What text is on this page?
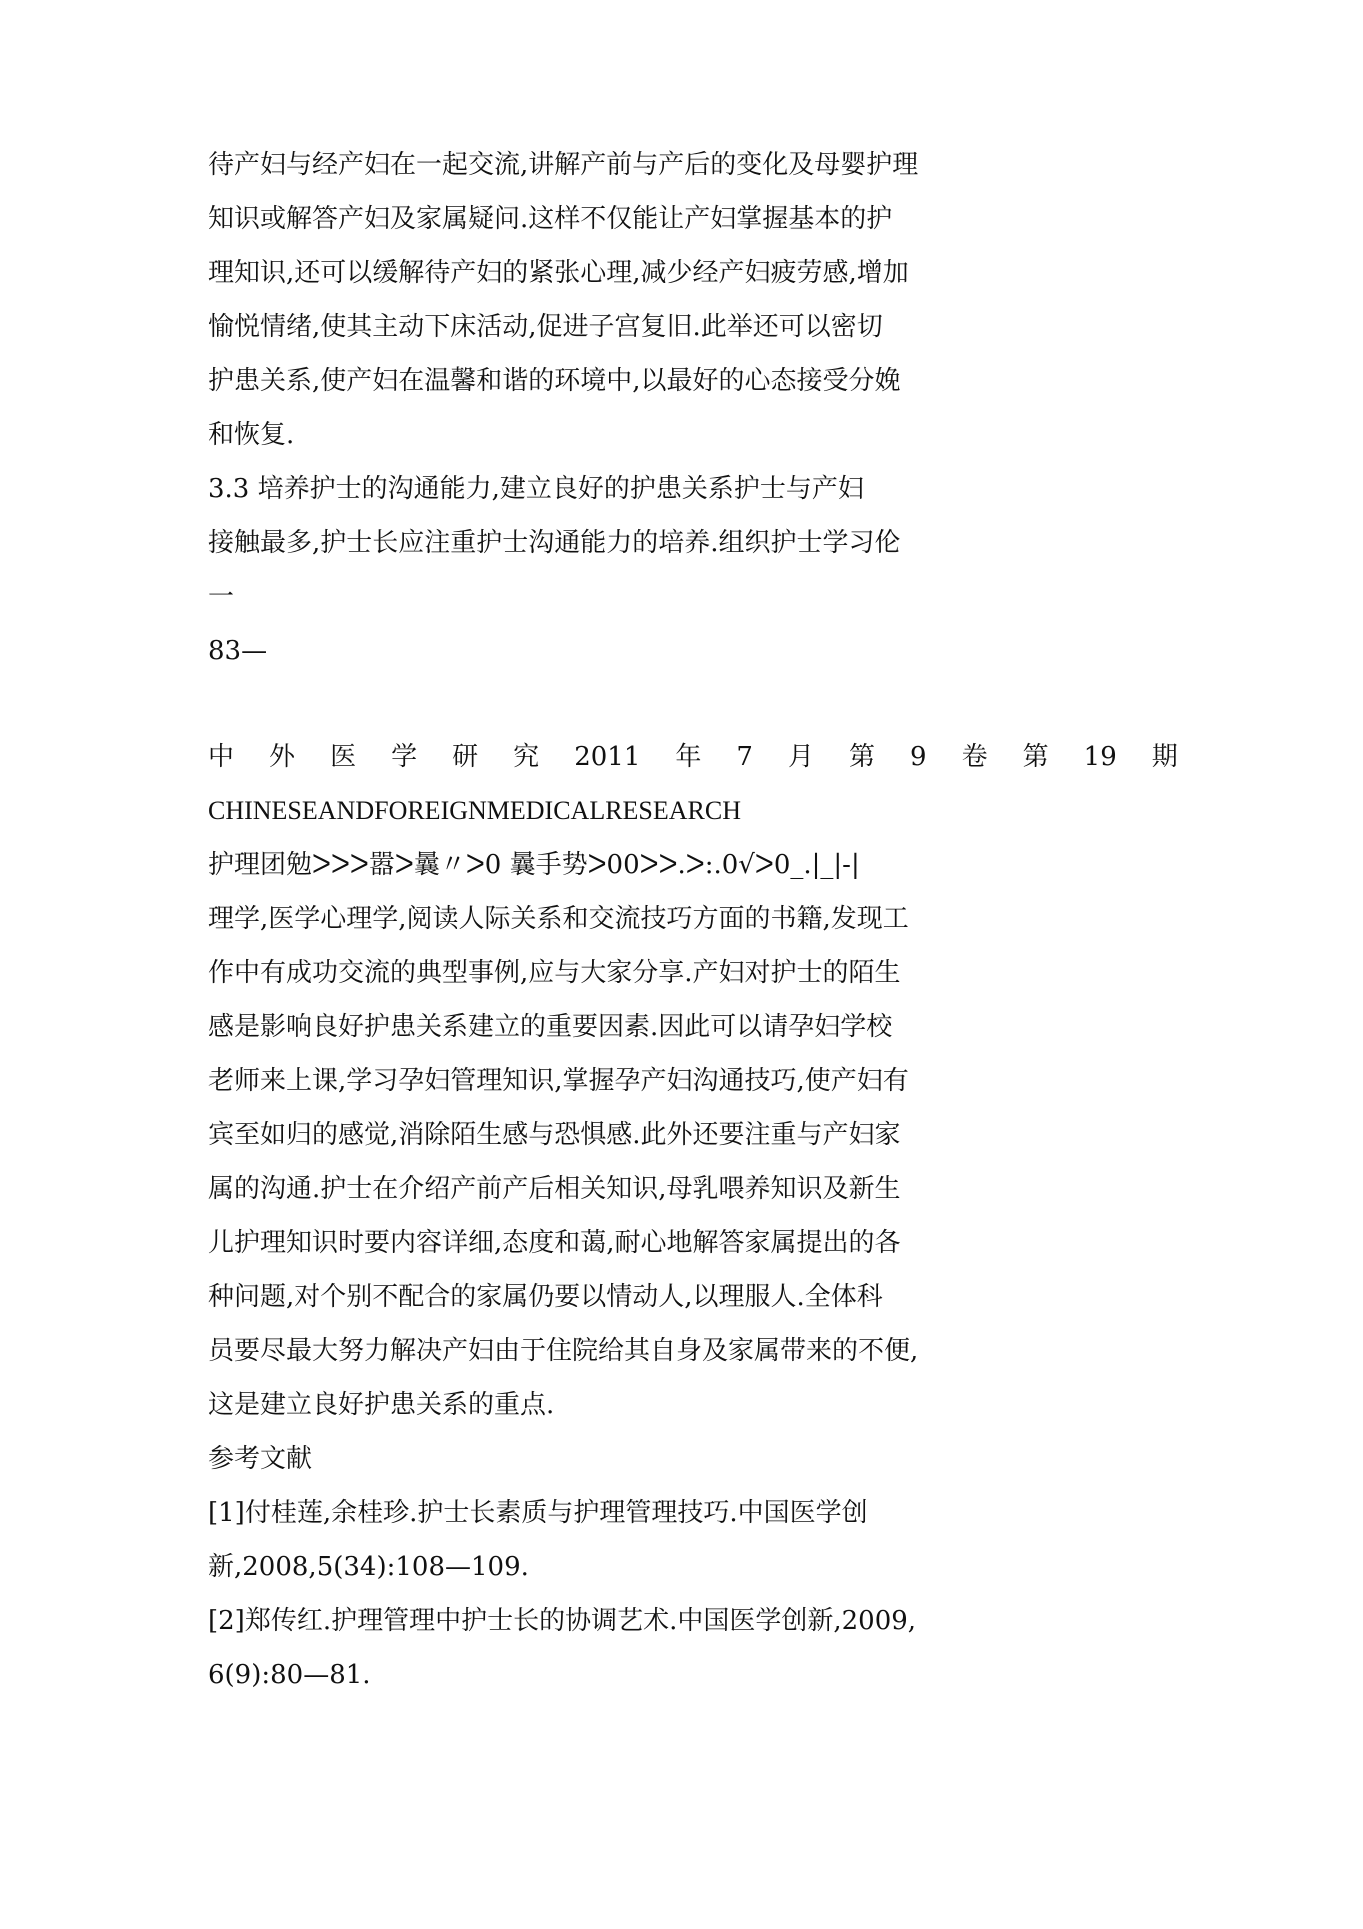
待产妇与经产妇在一起交流,讲解产前与产后的变化及母婴护理
知识或解答产妇及家属疑问.这样不仅能让产妇掌握基本的护
理知识,还可以缓解待产妇的紧张心理,减少经产妇疲劳感,增加
愉悦情绪,使其主动下床活动,促进子宫复旧.此举还可以密切
护患关系,使产妇在温馨和谐的环境中,以最好的心态接受分娩
和恢复.
3.3 培养护士的沟通能力,建立良好的护患关系护士与产妇
接触最多,护士长应注重护士沟通能力的培养.组织护士学习伦
一
83—
中 外 医 学 研 究 2011 年 7 月 第 9 卷 第 19 期
CHINESEANDFOREIGNMEDICALRESEARCH
护理团勉ᐳᐳᐳ嚣ᐳ曩〃ᐳ0 曩手势ᐳ00ᐳᐳ.ᐳ:.0√ᐳ0_.|_|-|
理学,医学心理学,阅读人际关系和交流技巧方面的书籍,发现工
作中有成功交流的典型事例,应与大家分享.产妇对护士的陌生
感是影响良好护患关系建立的重要因素.因此可以请孕妇学校
老师来上课,学习孕妇管理知识,掌握孕产妇沟通技巧,使产妇有
宾至如归的感觉,消除陌生感与恐惧感.此外还要注重与产妇家
属的沟通.护士在介绍产前产后相关知识,母乳喂养知识及新生
儿护理知识时要内容详细,态度和蔼,耐心地解答家属提出的各
种问题,对个别不配合的家属仍要以情动人,以理服人.全体科
员要尽最大努力解决产妇由于住院给其自身及家属带来的不便,
这是建立良好护患关系的重点.
参考文献
[1]付桂莲,余桂珍.护士长素质与护理管理技巧.中国医学创
新,2008,5(34):108—109.
[2]郑传红.护理管理中护士长的协调艺术.中国医学创新,2009,
6(9):80—81.
